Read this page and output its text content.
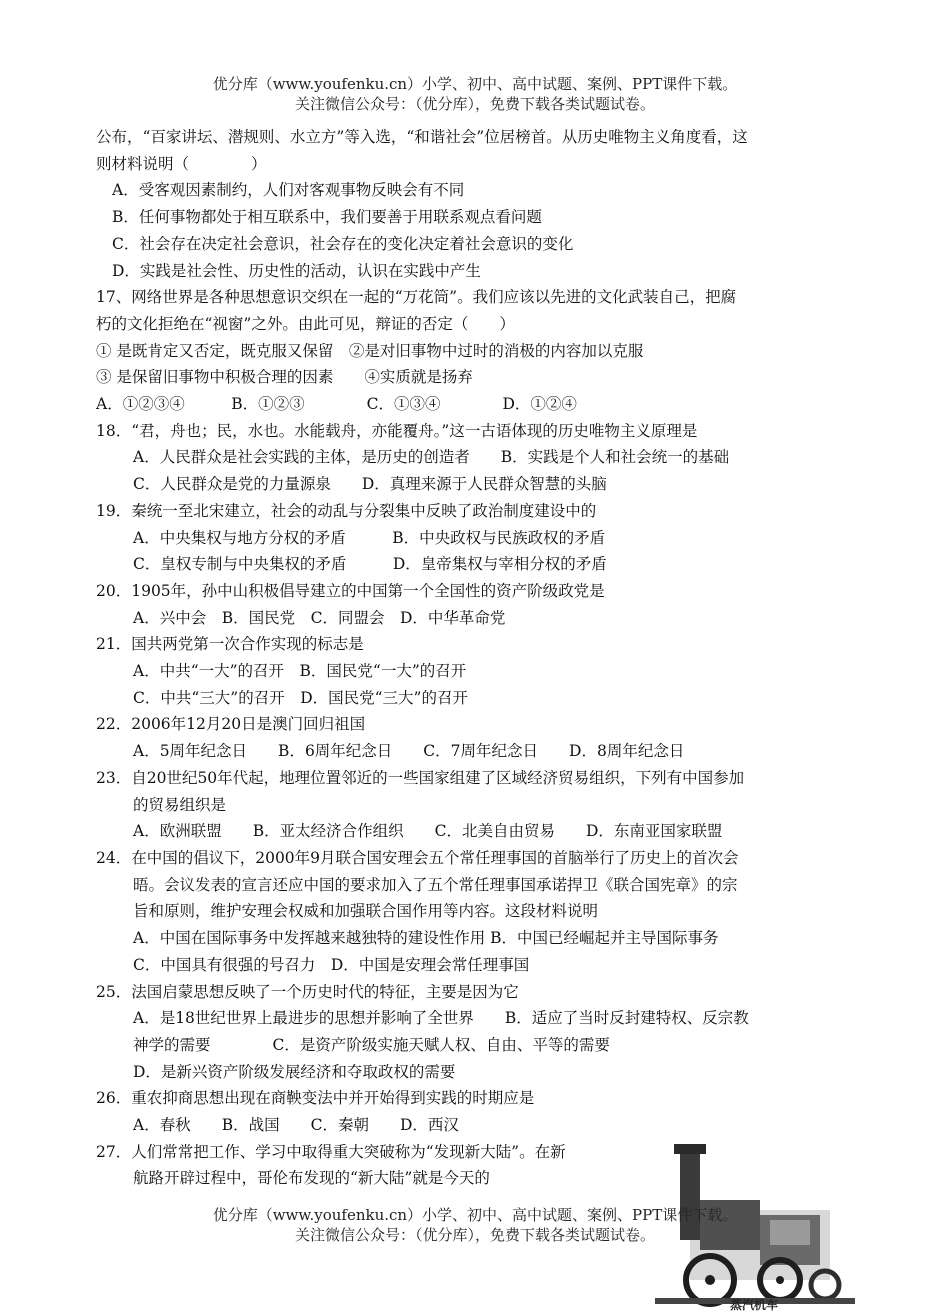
优分库（www.youfenku.cn）小学、初中、高中试题、案例、PPT课件下载。
关注微信公众号：（优分库），免费下载各类试题试卷。
公布，“百家讲坛、潜规则、水立方”等入选，“和谐社会”位居榜首。从历史唯物主义角度看，这
则材料说明（　　　　）
A．受客观因素制约，人们对客观事物反映会有不同
B．任何事物都处于相互联系中，我们要善于用联系观点看问题
C．社会存在决定社会意识，社会存在的变化决定着社会意识的变化
D．实践是社会性、历史性的活动，认识在实践中产生
17、网络世界是各种思想意识交织在一起的“万花筒”。我们应该以先进的文化武装自己，把腐
朽的文化拒绝在“视窗”之外。由此可见，辩证的否定（　　）
① 是既肯定又否定，既克服又保留　②是对旧事物中过时的消极的内容加以克服
③ 是保留旧事物中积极合理的因素　　④实质就是扬弃
A．①②③④　　　B．①②③　　　　C．①③④　　　　D．①②④
18．“君，舟也；民，水也。水能载舟，亦能覆舟。”这一古语体现的历史唯物主义原理是
A．人民群众是社会实践的主体，是历史的创造者　　B．实践是个人和社会统一的基础
C．人民群众是党的力量源泉　　D．真理来源于人民群众智慧的头脑
19．秦统一至北宋建立，社会的动乱与分裂集中反映了政治制度建设中的
A．中央集权与地方分权的矛盾　　　B．中央政权与民族政权的矛盾
C．皇权专制与中央集权的矛盾　　　D．皇帝集权与宰相分权的矛盾
20．1905年，孙中山积极倡导建立的中国第一个全国性的资产阶级政党是
A．兴中会　B．国民党　C．同盟会　D．中华革命党
21．国共两党第一次合作实现的标志是
A．中共“一大”的召开　B．国民党“一大”的召开
C．中共“三大”的召开　D．国民党“三大”的召开
22．2006年12月20日是澳门回归祖国
A．5周年纪念日　　B．6周年纪念日　　C．7周年纪念日　　D．8周年纪念日
23．自20世纪50年代起，地理位置邻近的一些国家组建了区域经济贸易组织，下列有中国参加
的贸易组织是
A．欧洲联盟　　B．亚太经济合作组织　　C．北美自由贸易　　D．东南亚国家联盟
24．在中国的倡议下，2000年9月联合国安理会五个常任理事国的首脑举行了历史上的首次会
晤。会议发表的宣言还应中国的要求加入了五个常任理事国承诺捍卫《联合国宪章》的宗
旨和原则，维护安理会权威和加强联合国作用等内容。这段材料说明
A．中国在国际事务中发挥越来越独特的建设性作用 B．中国已经崛起并主导国际事务
C．中国具有很强的号召力　D．中国是安理会常任理事国
25．法国启蒙思想反映了一个历史时代的特征，主要是因为它
A．是18世纪世界上最进步的思想并影响了全世界　　B．适应了当时反封建特权、反宗教
神学的需要　　　　C．是资产阶级实施天赋人权、自由、平等的需要
D．是新兴资产阶级发展经济和夺取政权的需要
26．重农抑商思想出现在商鞅变法中并开始得到实践的时期应是
A．春秋　　B．战国　　C．秦朝　　D．西汉
27．人们常常把工作、学习中取得重大突破称为“发现新大陆”。在新
航路开辟过程中，哥伦布发现的“新大陆”就是今天的
蒸汽机车
优分库（www.youfenku.cn）小学、初中、高中试题、案例、PPT课件下载。
关注微信公众号：（优分库），免费下载各类试题试卷。
